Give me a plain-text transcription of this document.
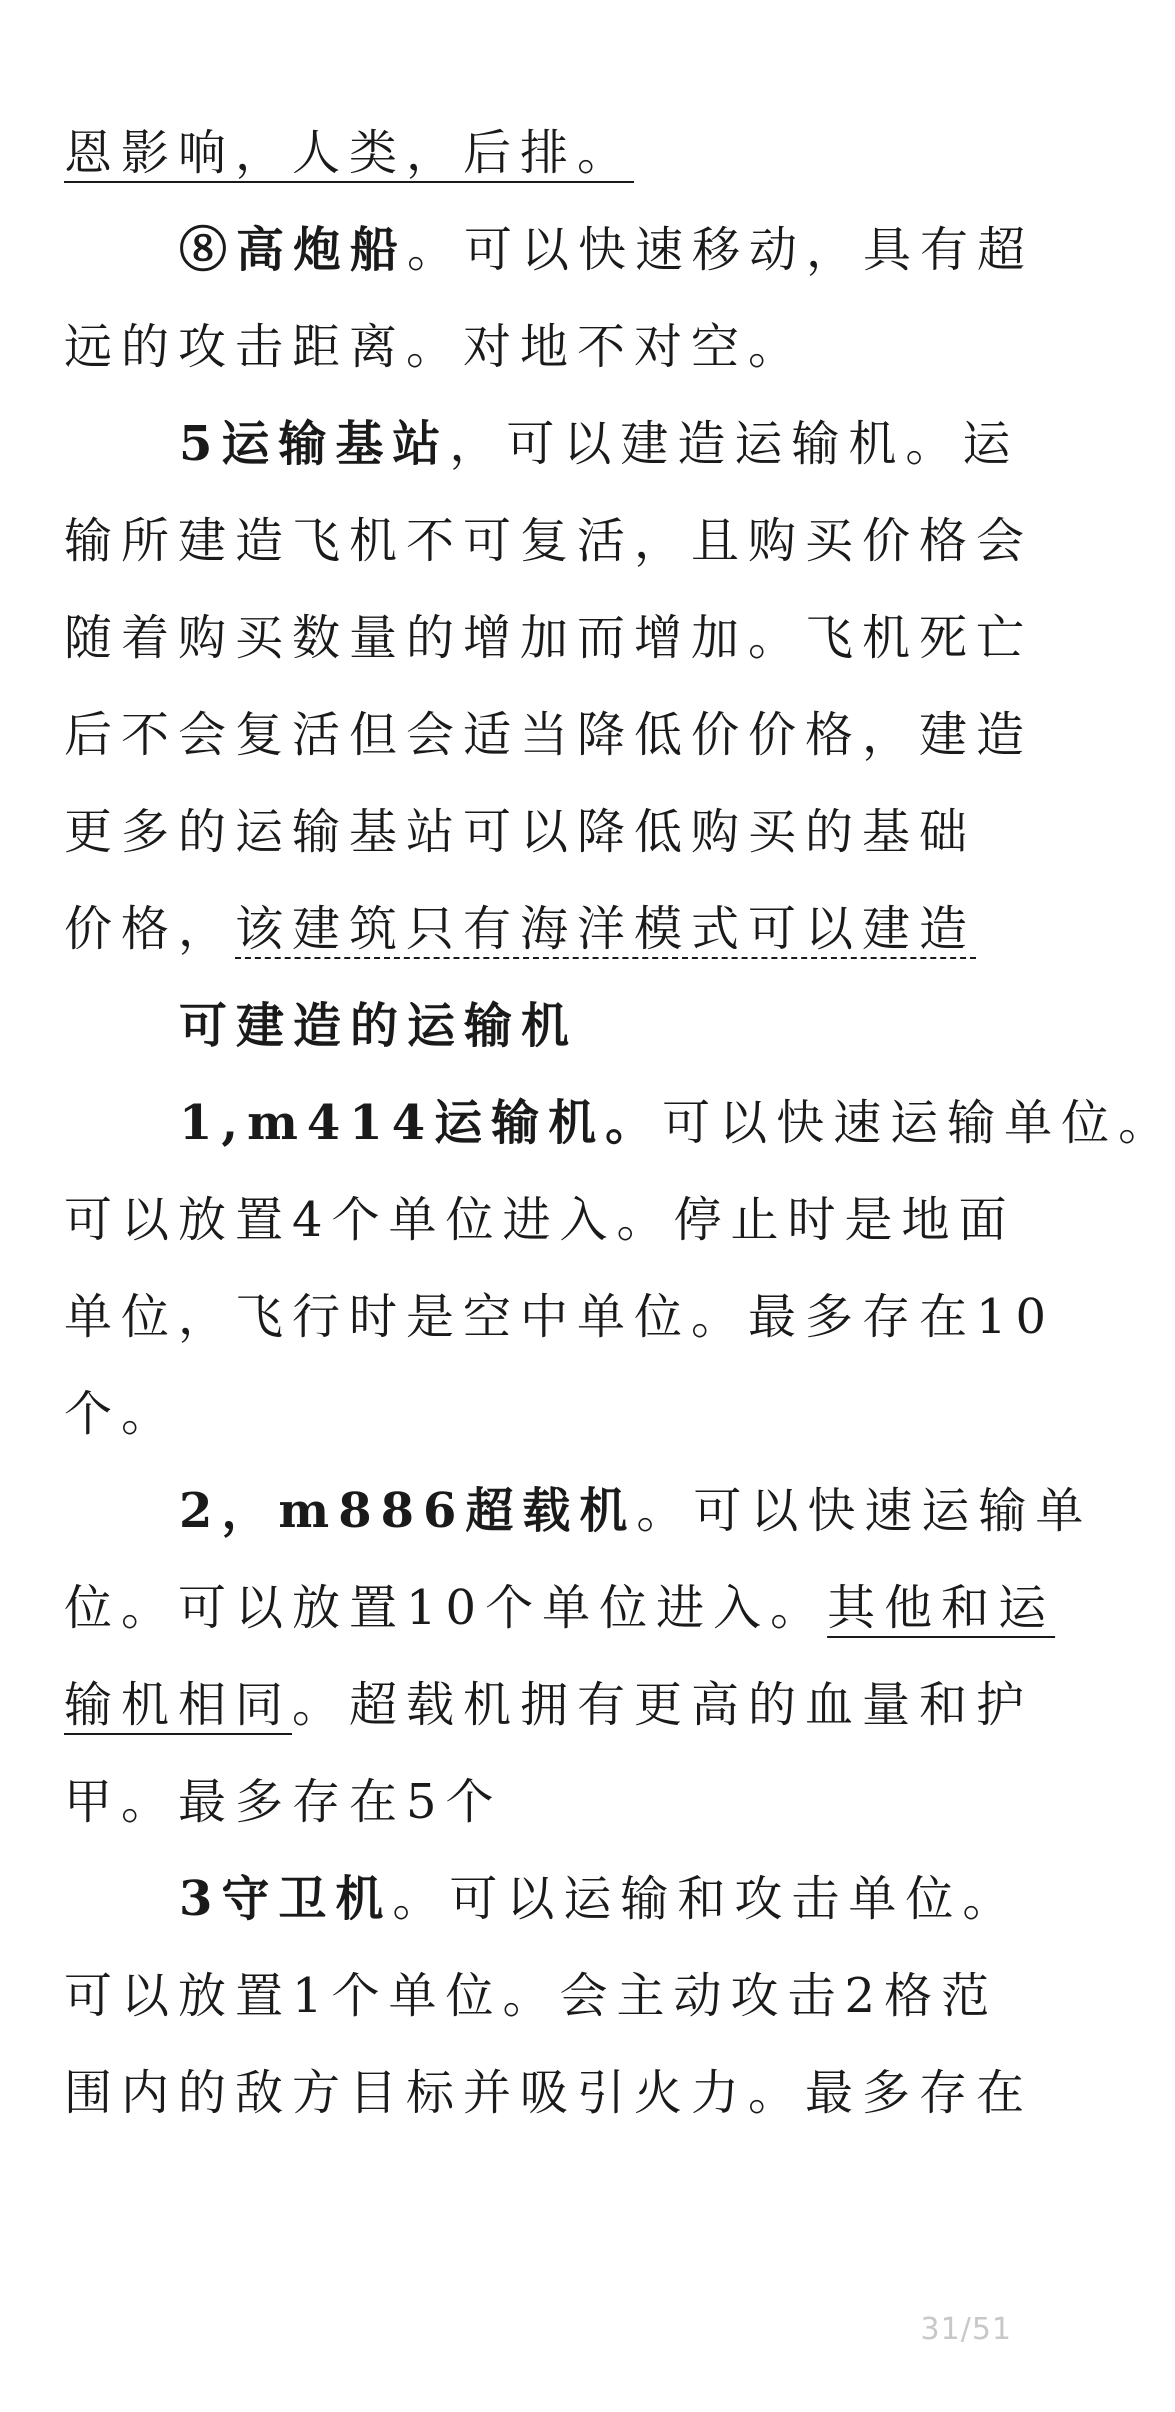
恩影响，人类，后排。
⑧高炮船。可以快速移动，具有超
远的攻击距离。对地不对空。
5运输基站，可以建造运输机。运
输所建造飞机不可复活，且购买价格会
随着购买数量的增加而增加。飞机死亡
后不会复活但会适当降低价价格，建造
更多的运输基站可以降低购买的基础
价格，该建筑只有海洋模式可以建造
可建造的运输机
1,m414运输机。可以快速运输单位。
可以放置4个单位进入。停止时是地面
单位，飞行时是空中单位。最多存在10
个。
2，m886超载机。可以快速运输单
位。可以放置10个单位进入。其他和运
输机相同。超载机拥有更高的血量和护
甲。最多存在5个
3守卫机。可以运输和攻击单位。
可以放置1个单位。会主动攻击2格范
围内的敌方目标并吸引火力。最多存在
31/51
